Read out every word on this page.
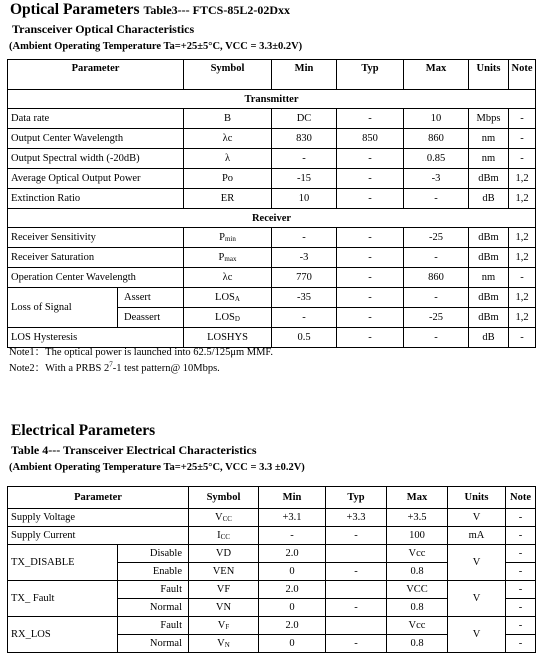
Optical Parameters Table3--- FTCS-85L2-02Dxx
Transceiver Optical Characteristics
(Ambient Operating Temperature Ta=+25±5°C, VCC = 3.3±0.2V)
Parameter		Symbol	Min	Typ	Max	Units	Note
Transmitter							
Data rate		B	DC	-	10	Mbps	-
Output Center Wavelength		λc	830	850	860	nm	-
Output Spectral width (-20dB)		λ	-	-	0.85	nm	-
Average Optical Output Power		Po	-15	-	-3	dBm	1,2
Extinction Ratio		ER	10	-	-	dB	1,2
Receiver							
Receiver Sensitivity		Pmin	-	-	-25	dBm	1,2
Receiver Saturation		Pmax	-3	-	-	dBm	1,2
Operation Center Wavelength		λc	770	-	860	nm	-
Loss of Signal	Assert	LOSA	-35	-	-	dBm	1,2
	Deassert	LOSD	-	-	-25	dBm	1,2
LOS Hysteresis		LOSHYS	0.5	-	-	dB	-
Note1：The optical power is launched into 62.5/125μm MMF.
Note2：With a PRBS $2^7-1$ test pattern@ 10Mbps.
Electrical Parameters
Table 4--- Transceiver Electrical Characteristics
(Ambient Operating Temperature Ta=+25±5°C, VCC = 3.3 ±0.2V)
Parameter		Symbol	Min	Typ	Max	Units	Note
Supply Voltage		VCC	+3.1	+3.3	+3.5	V	-
Supply Current		ICC	-	-	100	mA	-
TX_DISABLE	Disable	VD	2.0		Vcc	V	-
	Enable	VEN	0	-	0.8		-
TX_ Fault	Fault	VF	2.0		VCC	V	-
	Normal	VN	0	-	0.8		-
RX_LOS	Fault	VF	2.0		Vcc	V	-
	Normal	VN	0	-	0.8		-
